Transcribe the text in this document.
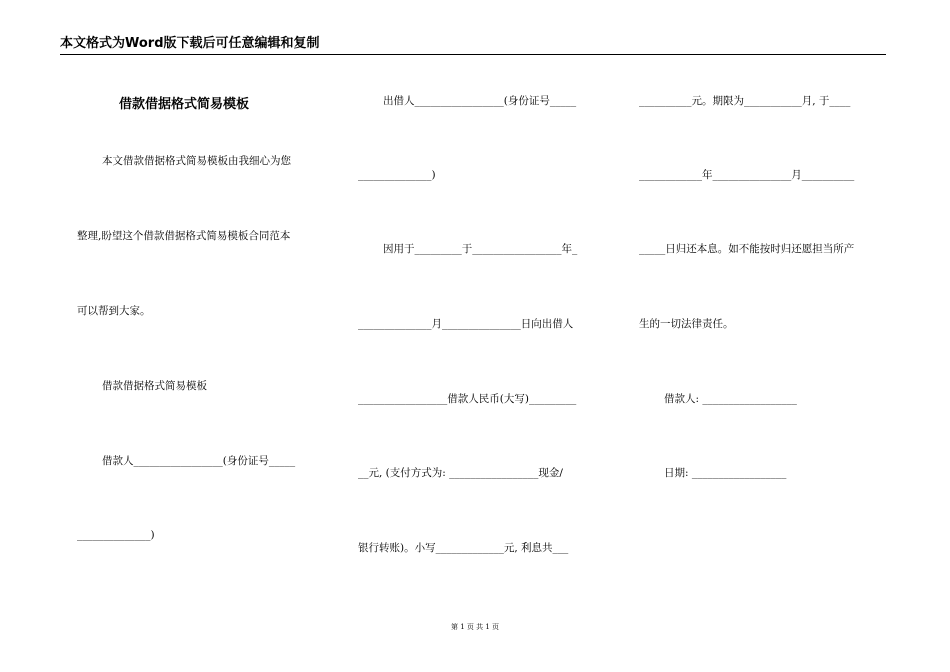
本文格式为Word版下载后可任意编辑和复制
借款借据格式简易模板
本文借款借据格式简易模板由我细心为您
整理,盼望这个借款借据格式简易模板合同范本
可以帮到大家。
借款借据格式简易模板
借款人_________________(身份证号_____
______________)
出借人_________________(身份证号_____
______________)
因用于_________于_________________年_
______________月_______________日向出借人
_________________借款人民币(大写)_________
__元, (支付方式为: _________________现金/
银行转账)。小写_____________元, 利息共___
__________元。期限为___________月, 于____
____________年_______________月__________
_____日归还本息。如不能按时归还愿担当所产
生的一切法律责任。
借款人: __________________
日期: __________________
第 1 页 共 1 页
